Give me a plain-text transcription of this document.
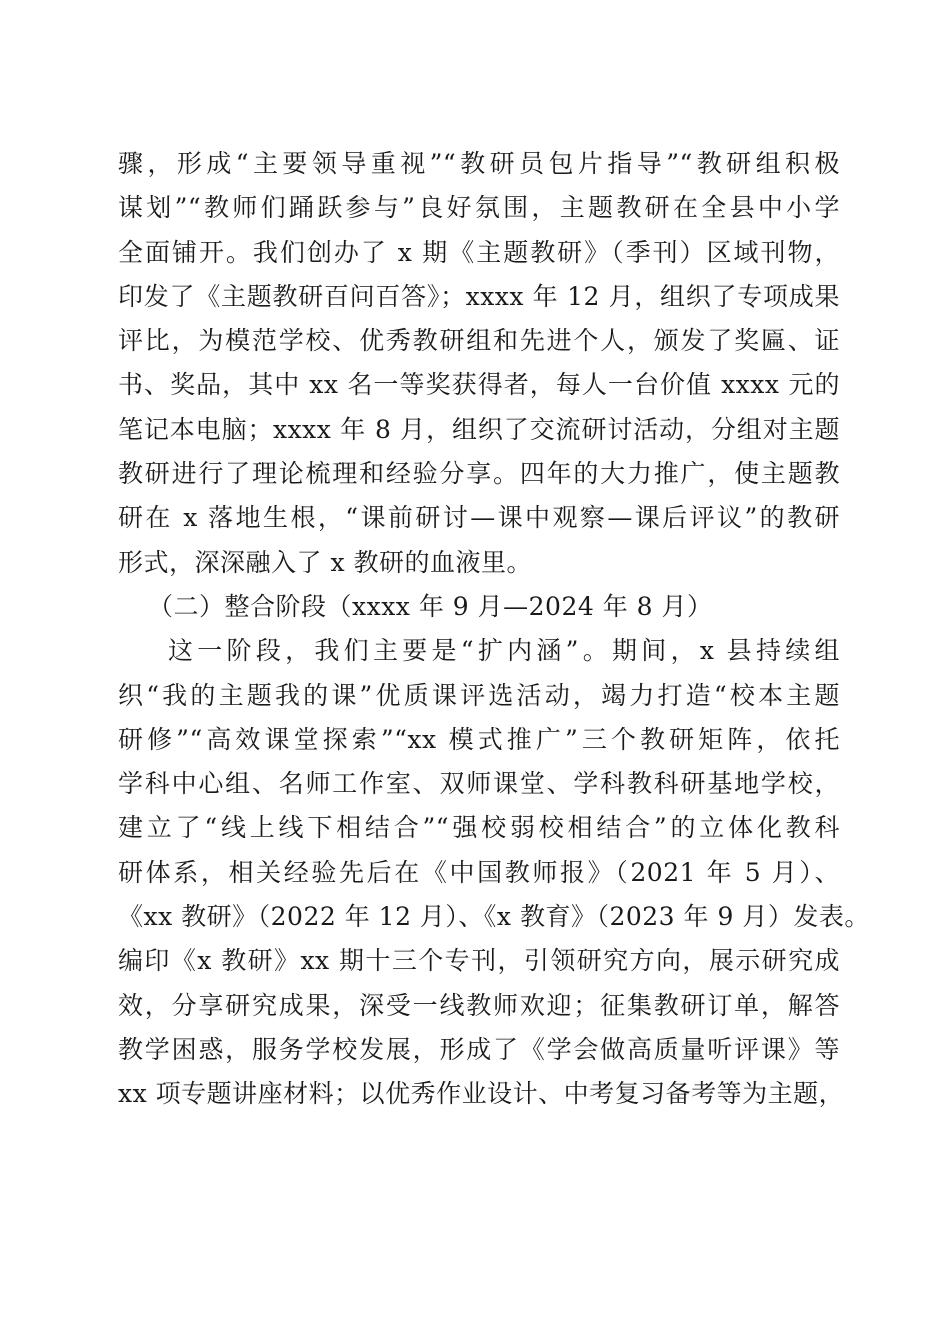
骤，形成“主要领导重视”“教研员包片指导”“教研组积极
谋划”“教师们踊跃参与”良好氛围，主题教研在全县中小学
全面铺开。我们创办了 x 期《主题教研》（季刊）区域刊物，
印发了《主题教研百问百答》；xxxx 年 12 月，组织了专项成果
评比，为模范学校、优秀教研组和先进个人，颁发了奖匾、证
书、奖品，其中 xx 名一等奖获得者，每人一台价值 xxxx 元的
笔记本电脑；xxxx 年 8 月，组织了交流研讨活动，分组对主题
教研进行了理论梳理和经验分享。四年的大力推广，使主题教
研在 x 落地生根，“课前研讨—课中观察—课后评议”的教研
形式，深深融入了 x 教研的血液里。
（二）整合阶段（xxxx 年 9 月—2024 年 8 月）
这一阶段，我们主要是“扩内涵”。期间，x 县持续组
织“我的主题我的课”优质课评选活动，竭力打造“校本主题
研修”“高效课堂探索”“xx 模式推广”三个教研矩阵，依托
学科中心组、名师工作室、双师课堂、学科教科研基地学校，
建立了“线上线下相结合”“强校弱校相结合”的立体化教科
研体系，相关经验先后在《中国教师报》（2021 年 5 月）、
《xx 教研》（2022 年 12 月）、《x 教育》（2023 年 9 月）发表。
编印《x 教研》xx 期十三个专刊，引领研究方向，展示研究成
效，分享研究成果，深受一线教师欢迎；征集教研订单，解答
教学困惑，服务学校发展，形成了《学会做高质量听评课》等
xx 项专题讲座材料；以优秀作业设计、中考复习备考等为主题，
